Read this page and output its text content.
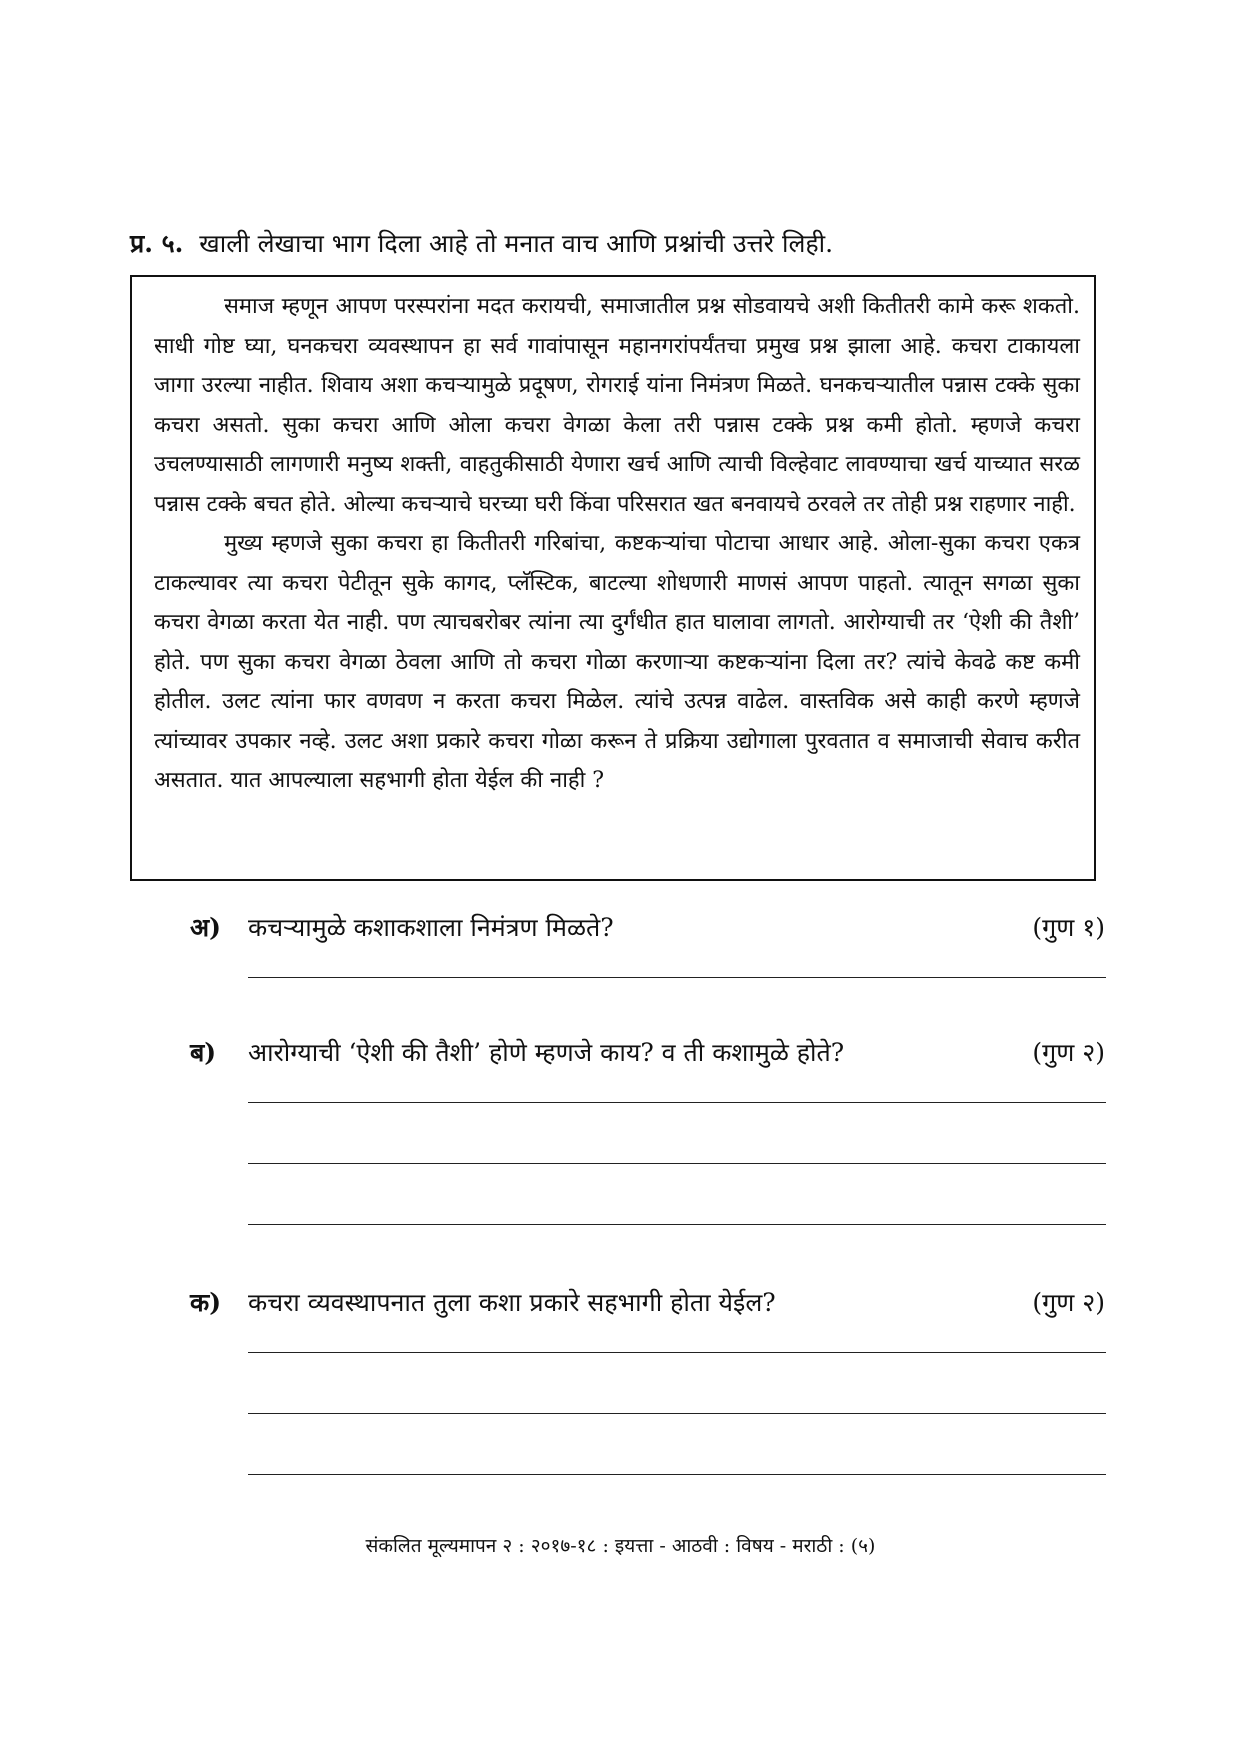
प्र. ५. खाली लेखाचा भाग दिला आहे तो मनात वाच आणि प्रश्नांची उत्तरे लिही.

समाज म्हणून आपण परस्परांना मदत करायची, समाजातील प्रश्न सोडवायचे अशी कितीतरी कामे करू शकतो. साधी गोष्ट घ्या, घनकचरा व्यवस्थापन हा सर्व गावांपासून महानगरांपर्यंतचा प्रमुख प्रश्न झाला आहे. कचरा टाकायला जागा उरल्या नाहीत. शिवाय अशा कचऱ्यामुळे प्रदूषण, रोगराई यांना निमंत्रण मिळते. घनकचऱ्यातील पन्नास टक्के सुका कचरा असतो. सुका कचरा आणि ओला कचरा वेगळा केला तरी पन्नास टक्के प्रश्न कमी होतो. म्हणजे कचरा उचलण्यासाठी लागणारी मनुष्य शक्ती, वाहतुकीसाठी येणारा खर्च आणि त्याची विल्हेवाट लावण्याचा खर्च याच्यात सरळ पन्नास टक्के बचत होते. ओल्या कचऱ्याचे घरच्या घरी किंवा परिसरात खत बनवायचे ठरवले तर तोही प्रश्न राहणार नाही.

मुख्य म्हणजे सुका कचरा हा कितीतरी गरिबांचा, कष्टकऱ्यांचा पोटाचा आधार आहे. ओला-सुका कचरा एकत्र टाकल्यावर त्या कचरा पेटीतून सुके कागद, प्लॅस्टिक, बाटल्या शोधणारी माणसं आपण पाहतो. त्यातून सगळा सुका कचरा वेगळा करता येत नाही. पण त्याचबरोबर त्यांना त्या दुर्गंधीत हात घालावा लागतो. आरोग्याची तर ‘ऐशी की तैशी’ होते. पण सुका कचरा वेगळा ठेवला आणि तो कचरा गोळा करणाऱ्या कष्टकऱ्यांना दिला तर? त्यांचे केवढे कष्ट कमी होतील. उलट त्यांना फार वणवण न करता कचरा मिळेल. त्यांचे उत्पन्न वाढेल. वास्तविक असे काही करणे म्हणजे त्यांच्यावर उपकार नव्हे. उलट अशा प्रकारे कचरा गोळा करून ते प्रक्रिया उद्योगाला पुरवतात व समाजाची सेवाच करीत असतात. यात आपल्याला सहभागी होता येईल की नाही ?

अ) कचऱ्यामुळे कशाकशाला निमंत्रण मिळते?	(गुण १)
ब) आरोग्याची ‘ऐशी की तैशी’ होणे म्हणजे काय? व ती कशामुळे होते?	(गुण २)
क) कचरा व्यवस्थापनात तुला कशा प्रकारे सहभागी होता येईल?	(गुण २)
संकलित मूल्यमापन २ : २०१७-१८ : इयत्ता - आठवी : विषय - मराठी : (५)
